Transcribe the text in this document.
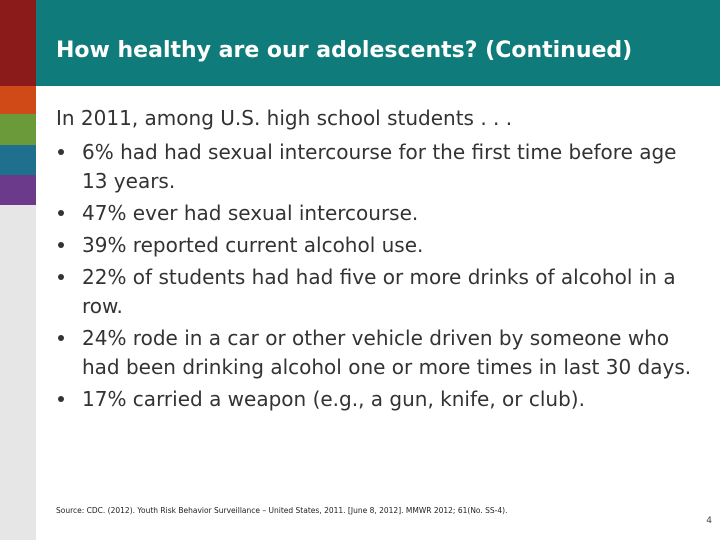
How healthy are our adolescents? (Continued)

In 2011, among U.S. high school students . . .

6% had had sexual intercourse for the first time before age 13 years.
47% ever had sexual intercourse.
39% reported current alcohol use.
22% of students had had five or more drinks of alcohol in a row.
24% rode in a car or other vehicle driven by someone who had been drinking alcohol one or more times in last 30 days.
17% carried a weapon (e.g., a gun, knife, or club).
Source: CDC. (2012). Youth Risk Behavior Surveillance – United States, 2011. [June 8, 2012]. MMWR 2012; 61(No. SS-4).
4
